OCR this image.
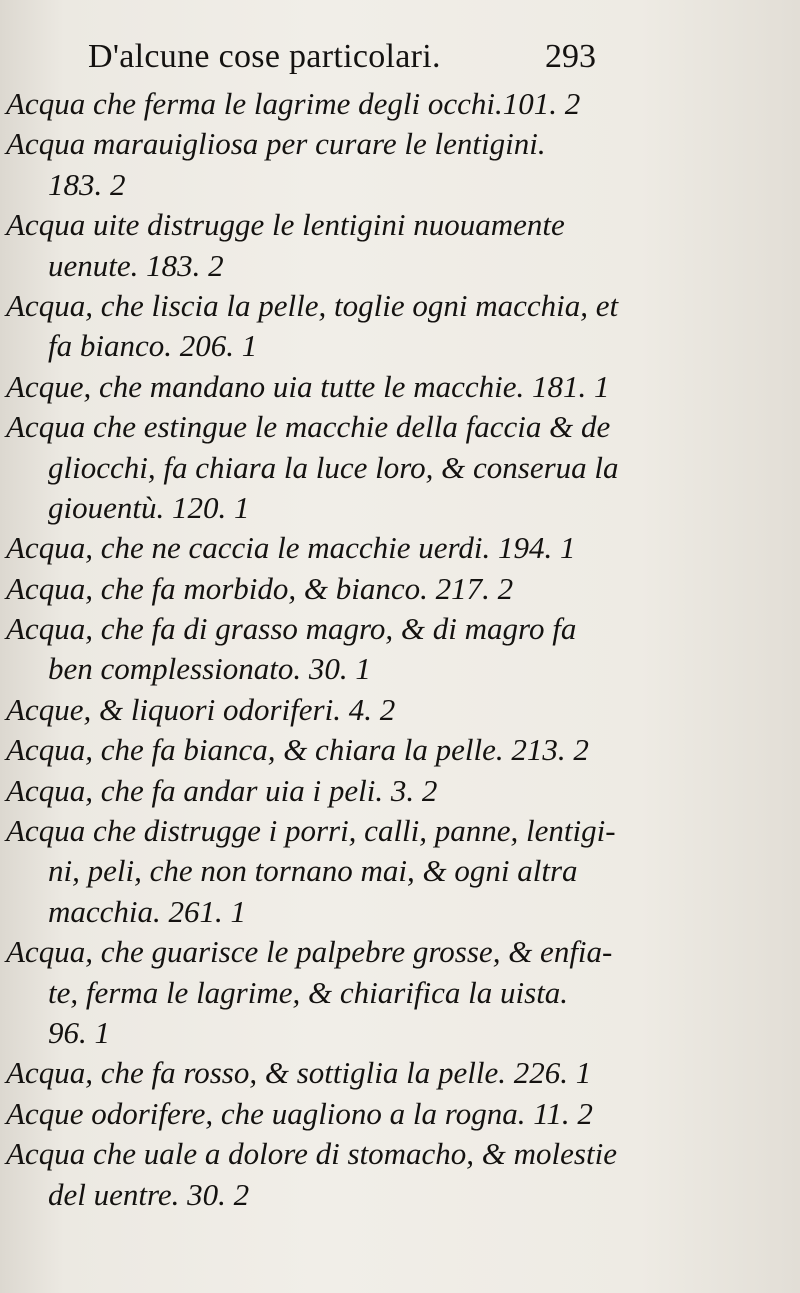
D'alcune cose particolari.	293
Acqua che ferma le lagrime degli occhi.101. 2
Acqua marauigliosa per curare le lentigini.
183. 2
Acqua uite distrugge le lentigini nuouamente
uenute. 183. 2
Acqua, che liscia la pelle, toglie ogni macchia, et
fa bianco. 206. 1
Acque, che mandano uia tutte le macchie. 181. 1
Acqua che estingue le macchie della faccia & de
gliocchi, fa chiara la luce loro, & conserua la
giouentù. 120. 1
Acqua, che ne caccia le macchie uerdi. 194. 1
Acqua, che fa morbido, & bianco. 217. 2
Acqua, che fa di grasso magro, & di magro fa
ben complessionato. 30. 1
Acque, & liquori odoriferi. 4. 2
Acqua, che fa bianca, & chiara la pelle. 213. 2
Acqua, che fa andar uia i peli. 3. 2
Acqua che distrugge i porri, calli, panne, lentigi-
ni, peli, che non tornano mai, & ogni altra
macchia. 261. 1
Acqua, che guarisce le palpebre grosse, & enfia-
te, ferma le lagrime, & chiarifica la uista.
96. 1
Acqua, che fa rosso, & sottiglia la pelle. 226. 1
Acque odorifere, che uagliono a la rogna. 11. 2
Acqua che uale a dolore di stomacho, & molestie
del uentre. 30. 2
